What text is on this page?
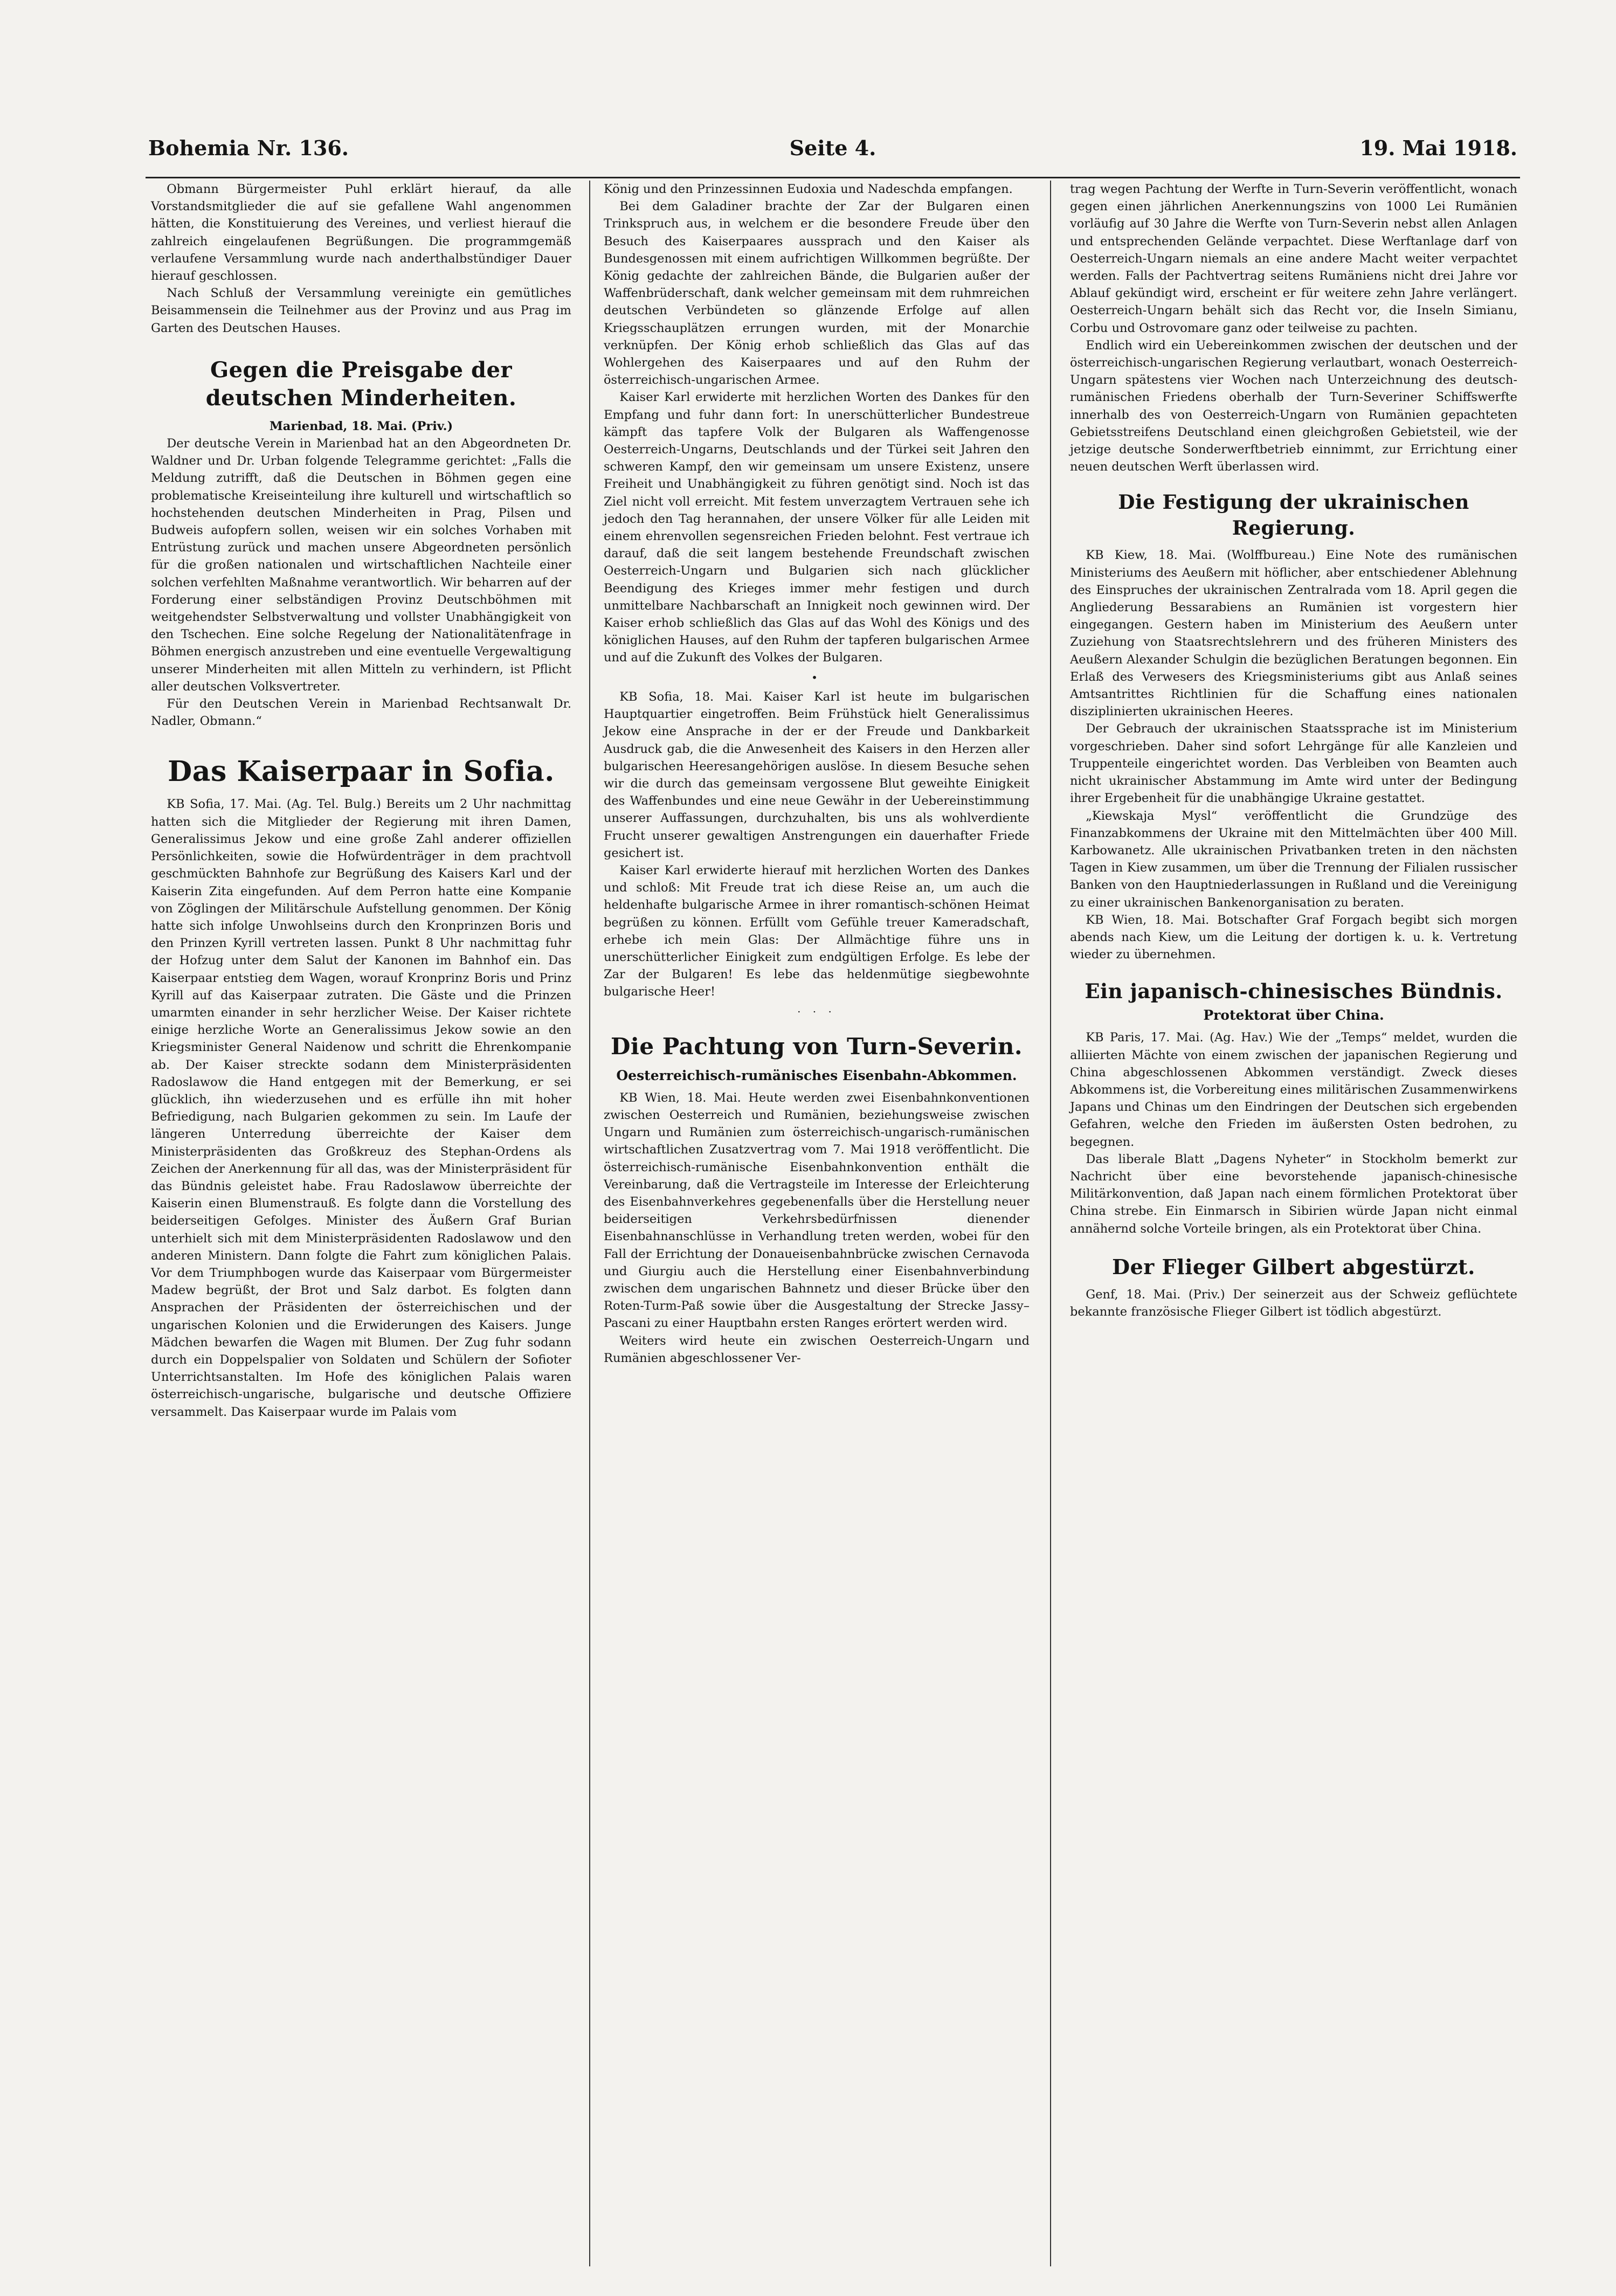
Bohemia Nr. 136.	Seite 4.	19. Mai 1918.

Obmann Bürgermeister Puhl erklärt hierauf, da alle Vorstandsmitglieder die auf sie gefallene Wahl angenommen hätten, die Konstituierung des Vereines, und verliest hierauf die zahlreich eingelaufenen Begrüßungen. Die programmgemäß verlaufene Versammlung wurde nach anderthalbstündiger Dauer hierauf geschlossen.

Nach Schluß der Versammlung vereinigte ein gemütliches Beisammensein die Teilnehmer aus der Provinz und aus Prag im Garten des Deutschen Hauses.

Gegen die Preisgabe der deutschen Minderheiten.

Marienbad, 18. Mai. (Priv.)

Der deutsche Verein in Marienbad hat an den Abgeordneten Dr. Waldner und Dr. Urban folgende Telegramme gerichtet: „Falls die Meldung zutrifft, daß die Deutschen in Böhmen gegen eine problematische Kreiseinteilung ihre kulturell und wirtschaftlich so hochstehenden deutschen Minderheiten in Prag, Pilsen und Budweis aufopfern sollen, weisen wir ein solches Vorhaben mit Entrüstung zurück und machen unsere Abgeordneten persönlich für die großen nationalen und wirtschaftlichen Nachteile einer solchen verfehlten Maßnahme verantwortlich. Wir beharren auf der Forderung einer selbständigen Provinz Deutschböhmen mit weitgehendster Selbstverwaltung und vollster Unabhängigkeit von den Tschechen. Eine solche Regelung der Nationalitätenfrage in Böhmen energisch anzustreben und eine eventuelle Vergewaltigung unserer Minderheiten mit allen Mitteln zu verhindern, ist Pflicht aller deutschen Volksvertreter.

Für den Deutschen Verein in Marienbad Rechtsanwalt Dr. Nadler, Obmann.“

Das Kaiserpaar in Sofia.

KB Sofia, 17. Mai. (Ag. Tel. Bulg.) Bereits um 2 Uhr nachmittag hatten sich die Mitglieder der Regierung mit ihren Damen, Generalissimus Jekow und eine große Zahl anderer offiziellen Persönlichkeiten, sowie die Hofwürdenträger in dem prachtvoll geschmückten Bahnhofe zur Begrüßung des Kaisers Karl und der Kaiserin Zita eingefunden. Auf dem Perron hatte eine Kompanie von Zöglingen der Militärschule Aufstellung genommen. Der König hatte sich infolge Unwohlseins durch den Kronprinzen Boris und den Prinzen Kyrill vertreten lassen. Punkt 8 Uhr nachmittag fuhr der Hofzug unter dem Salut der Kanonen im Bahnhof ein. Das Kaiserpaar entstieg dem Wagen, worauf Kronprinz Boris und Prinz Kyrill auf das Kaiserpaar zutraten. Die Gäste und die Prinzen umarmten einander in sehr herzlicher Weise. Der Kaiser richtete einige herzliche Worte an Generalissimus Jekow sowie an den Kriegsminister General Naidenow und schritt die Ehrenkompanie ab. Der Kaiser streckte sodann dem Ministerpräsidenten Radoslawow die Hand entgegen mit der Bemerkung, er sei glücklich, ihn wiederzusehen und es erfülle ihn mit hoher Befriedigung, nach Bulgarien gekommen zu sein. Im Laufe der längeren Unterredung überreichte der Kaiser dem Ministerpräsidenten das Großkreuz des Stephan-Ordens als Zeichen der Anerkennung für all das, was der Ministerpräsident für das Bündnis geleistet habe. Frau Radoslawow überreichte der Kaiserin einen Blumenstrauß. Es folgte dann die Vorstellung des beiderseitigen Gefolges. Minister des Äußern Graf Burian unterhielt sich mit dem Ministerpräsidenten Radoslawow und den anderen Ministern. Dann folgte die Fahrt zum königlichen Palais. Vor dem Triumphbogen wurde das Kaiserpaar vom Bürgermeister Madew begrüßt, der Brot und Salz darbot. Es folgten dann Ansprachen der Präsidenten der österreichischen und der ungarischen Kolonien und die Erwiderungen des Kaisers. Junge Mädchen bewarfen die Wagen mit Blumen. Der Zug fuhr sodann durch ein Doppelspalier von Soldaten und Schülern der Sofioter Unterrichtsanstalten. Im Hofe des königlichen Palais waren österreichisch-ungarische, bulgarische und deutsche Offiziere versammelt. Das Kaiserpaar wurde im Palais vom

König und den Prinzessinnen Eudoxia und Nadeschda empfangen.

Bei dem Galadiner brachte der Zar der Bulgaren einen Trinkspruch aus, in welchem er die besondere Freude über den Besuch des Kaiserpaares aussprach und den Kaiser als Bundesgenossen mit einem aufrichtigen Willkommen begrüßte. Der König gedachte der zahlreichen Bände, die Bulgarien außer der Waffenbrüderschaft, dank welcher gemeinsam mit dem ruhmreichen deutschen Verbündeten so glänzende Erfolge auf allen Kriegsschauplätzen errungen wurden, mit der Monarchie verknüpfen. Der König erhob schließlich das Glas auf das Wohlergehen des Kaiserpaares und auf den Ruhm der österreichisch-ungarischen Armee.

Kaiser Karl erwiderte mit herzlichen Worten des Dankes für den Empfang und fuhr dann fort: In unerschütterlicher Bundestreue kämpft das tapfere Volk der Bulgaren als Waffengenosse Oesterreich-Ungarns, Deutschlands und der Türkei seit Jahren den schweren Kampf, den wir gemeinsam um unsere Existenz, unsere Freiheit und Unabhängigkeit zu führen genötigt sind. Noch ist das Ziel nicht voll erreicht. Mit festem unverzagtem Vertrauen sehe ich jedoch den Tag herannahen, der unsere Völker für alle Leiden mit einem ehrenvollen segensreichen Frieden belohnt. Fest vertraue ich darauf, daß die seit langem bestehende Freundschaft zwischen Oesterreich-Ungarn und Bulgarien sich nach glücklicher Beendigung des Krieges immer mehr festigen und durch unmittelbare Nachbarschaft an Innigkeit noch gewinnen wird. Der Kaiser erhob schließlich das Glas auf das Wohl des Königs und des königlichen Hauses, auf den Ruhm der tapferen bulgarischen Armee und auf die Zukunft des Volkes der Bulgaren.

•

KB Sofia, 18. Mai. Kaiser Karl ist heute im bulgarischen Hauptquartier eingetroffen. Beim Frühstück hielt Generalissimus Jekow eine Ansprache in der er der Freude und Dankbarkeit Ausdruck gab, die die Anwesenheit des Kaisers in den Herzen aller bulgarischen Heeresangehörigen auslöse. In diesem Besuche sehen wir die durch das gemeinsam vergossene Blut geweihte Einigkeit des Waffenbundes und eine neue Gewähr in der Uebereinstimmung unserer Auffassungen, durchzuhalten, bis uns als wohlverdiente Frucht unserer gewaltigen Anstrengungen ein dauerhafter Friede gesichert ist.

Kaiser Karl erwiderte hierauf mit herzlichen Worten des Dankes und schloß: Mit Freude trat ich diese Reise an, um auch die heldenhafte bulgarische Armee in ihrer romantisch-schönen Heimat begrüßen zu können. Erfüllt vom Gefühle treuer Kameradschaft, erhebe ich mein Glas: Der Allmächtige führe uns in unerschütterlicher Einigkeit zum endgültigen Erfolge. Es lebe der Zar der Bulgaren! Es lebe das heldenmütige siegbewohnte bulgarische Heer!

· · ·
Die Pachtung von Turn-Severin.
Oesterreichisch-rumänisches Eisenbahn-Abkommen.

KB Wien, 18. Mai. Heute werden zwei Eisenbahnkonventionen zwischen Oesterreich und Rumänien, beziehungsweise zwischen Ungarn und Rumänien zum österreichisch-ungarisch-rumänischen wirtschaftlichen Zusatzvertrag vom 7. Mai 1918 veröffentlicht. Die österreichisch-rumänische Eisenbahnkonvention enthält die Vereinbarung, daß die Vertragsteile im Interesse der Erleichterung des Eisenbahnverkehres gegebenenfalls über die Herstellung neuer beiderseitigen Verkehrsbedürfnissen dienender Eisenbahnanschlüsse in Verhandlung treten werden, wobei für den Fall der Errichtung der Donaueisenbahnbrücke zwischen Cernavoda und Giurgiu auch die Herstellung einer Eisenbahnverbindung zwischen dem ungarischen Bahnnetz und dieser Brücke über den Roten-Turm-Paß sowie über die Ausgestaltung der Strecke Jassy–Pascani zu einer Hauptbahn ersten Ranges erörtert werden wird.

Weiters wird heute ein zwischen Oesterreich-Ungarn und Rumänien abgeschlossener Ver-

trag wegen Pachtung der Werfte in Turn-Severin veröffentlicht, wonach gegen einen jährlichen Anerkennungszins von 1000 Lei Rumänien vorläufig auf 30 Jahre die Werfte von Turn-Severin nebst allen Anlagen und entsprechenden Gelände verpachtet. Diese Werftanlage darf von Oesterreich-Ungarn niemals an eine andere Macht weiter verpachtet werden. Falls der Pachtvertrag seitens Rumäniens nicht drei Jahre vor Ablauf gekündigt wird, erscheint er für weitere zehn Jahre verlängert. Oesterreich-Ungarn behält sich das Recht vor, die Inseln Simianu, Corbu und Ostrovomare ganz oder teilweise zu pachten.

Endlich wird ein Uebereinkommen zwischen der deutschen und der österreichisch-ungarischen Regierung verlautbart, wonach Oesterreich-Ungarn spätestens vier Wochen nach Unterzeichnung des deutsch-rumänischen Friedens oberhalb der Turn-Severiner Schiffswerfte innerhalb des von Oesterreich-Ungarn von Rumänien gepachteten Gebietsstreifens Deutschland einen gleichgroßen Gebietsteil, wie der jetzige deutsche Sonderwerftbetrieb einnimmt, zur Errichtung einer neuen deutschen Werft überlassen wird.

Die Festigung der ukrainischen Regierung.

KB Kiew, 18. Mai. (Wolffbureau.) Eine Note des rumänischen Ministeriums des Aeußern mit höflicher, aber entschiedener Ablehnung des Einspruches der ukrainischen Zentralrada vom 18. April gegen die Angliederung Bessarabiens an Rumänien ist vorgestern hier eingegangen. Gestern haben im Ministerium des Aeußern unter Zuziehung von Staatsrechtslehrern und des früheren Ministers des Aeußern Alexander Schulgin die bezüglichen Beratungen begonnen. Ein Erlaß des Verwesers des Kriegsministeriums gibt aus Anlaß seines Amtsantrittes Richtlinien für die Schaffung eines nationalen disziplinierten ukrainischen Heeres.

Der Gebrauch der ukrainischen Staatssprache ist im Ministerium vorgeschrieben. Daher sind sofort Lehrgänge für alle Kanzleien und Truppenteile eingerichtet worden. Das Verbleiben von Beamten auch nicht ukrainischer Abstammung im Amte wird unter der Bedingung ihrer Ergebenheit für die unabhängige Ukraine gestattet.

„Kiewskaja Mysl“ veröffentlicht die Grundzüge des Finanzabkommens der Ukraine mit den Mittelmächten über 400 Mill. Karbowanetz. Alle ukrainischen Privatbanken treten in den nächsten Tagen in Kiew zusammen, um über die Trennung der Filialen russischer Banken von den Hauptniederlassungen in Rußland und die Vereinigung zu einer ukrainischen Bankenorganisation zu beraten.

KB Wien, 18. Mai. Botschafter Graf Forgach begibt sich morgen abends nach Kiew, um die Leitung der dortigen k. u. k. Vertretung wieder zu übernehmen.

Ein japanisch-chinesisches Bündnis.
Protektorat über China.

KB Paris, 17. Mai. (Ag. Hav.) Wie der „Temps“ meldet, wurden die alliierten Mächte von einem zwischen der japanischen Regierung und China abgeschlossenen Abkommen verständigt. Zweck dieses Abkommens ist, die Vorbereitung eines militärischen Zusammenwirkens Japans und Chinas um den Eindringen der Deutschen sich ergebenden Gefahren, welche den Frieden im äußersten Osten bedrohen, zu begegnen.

Das liberale Blatt „Dagens Nyheter“ in Stockholm bemerkt zur Nachricht über eine bevorstehende japanisch-chinesische Militärkonvention, daß Japan nach einem förmlichen Protektorat über China strebe. Ein Einmarsch in Sibirien würde Japan nicht einmal annähernd solche Vorteile bringen, als ein Protektorat über China.

Der Flieger Gilbert abgestürzt.

Genf, 18. Mai. (Priv.) Der seinerzeit aus der Schweiz geflüchtete bekannte französische Flieger Gilbert ist tödlich abgestürzt.
